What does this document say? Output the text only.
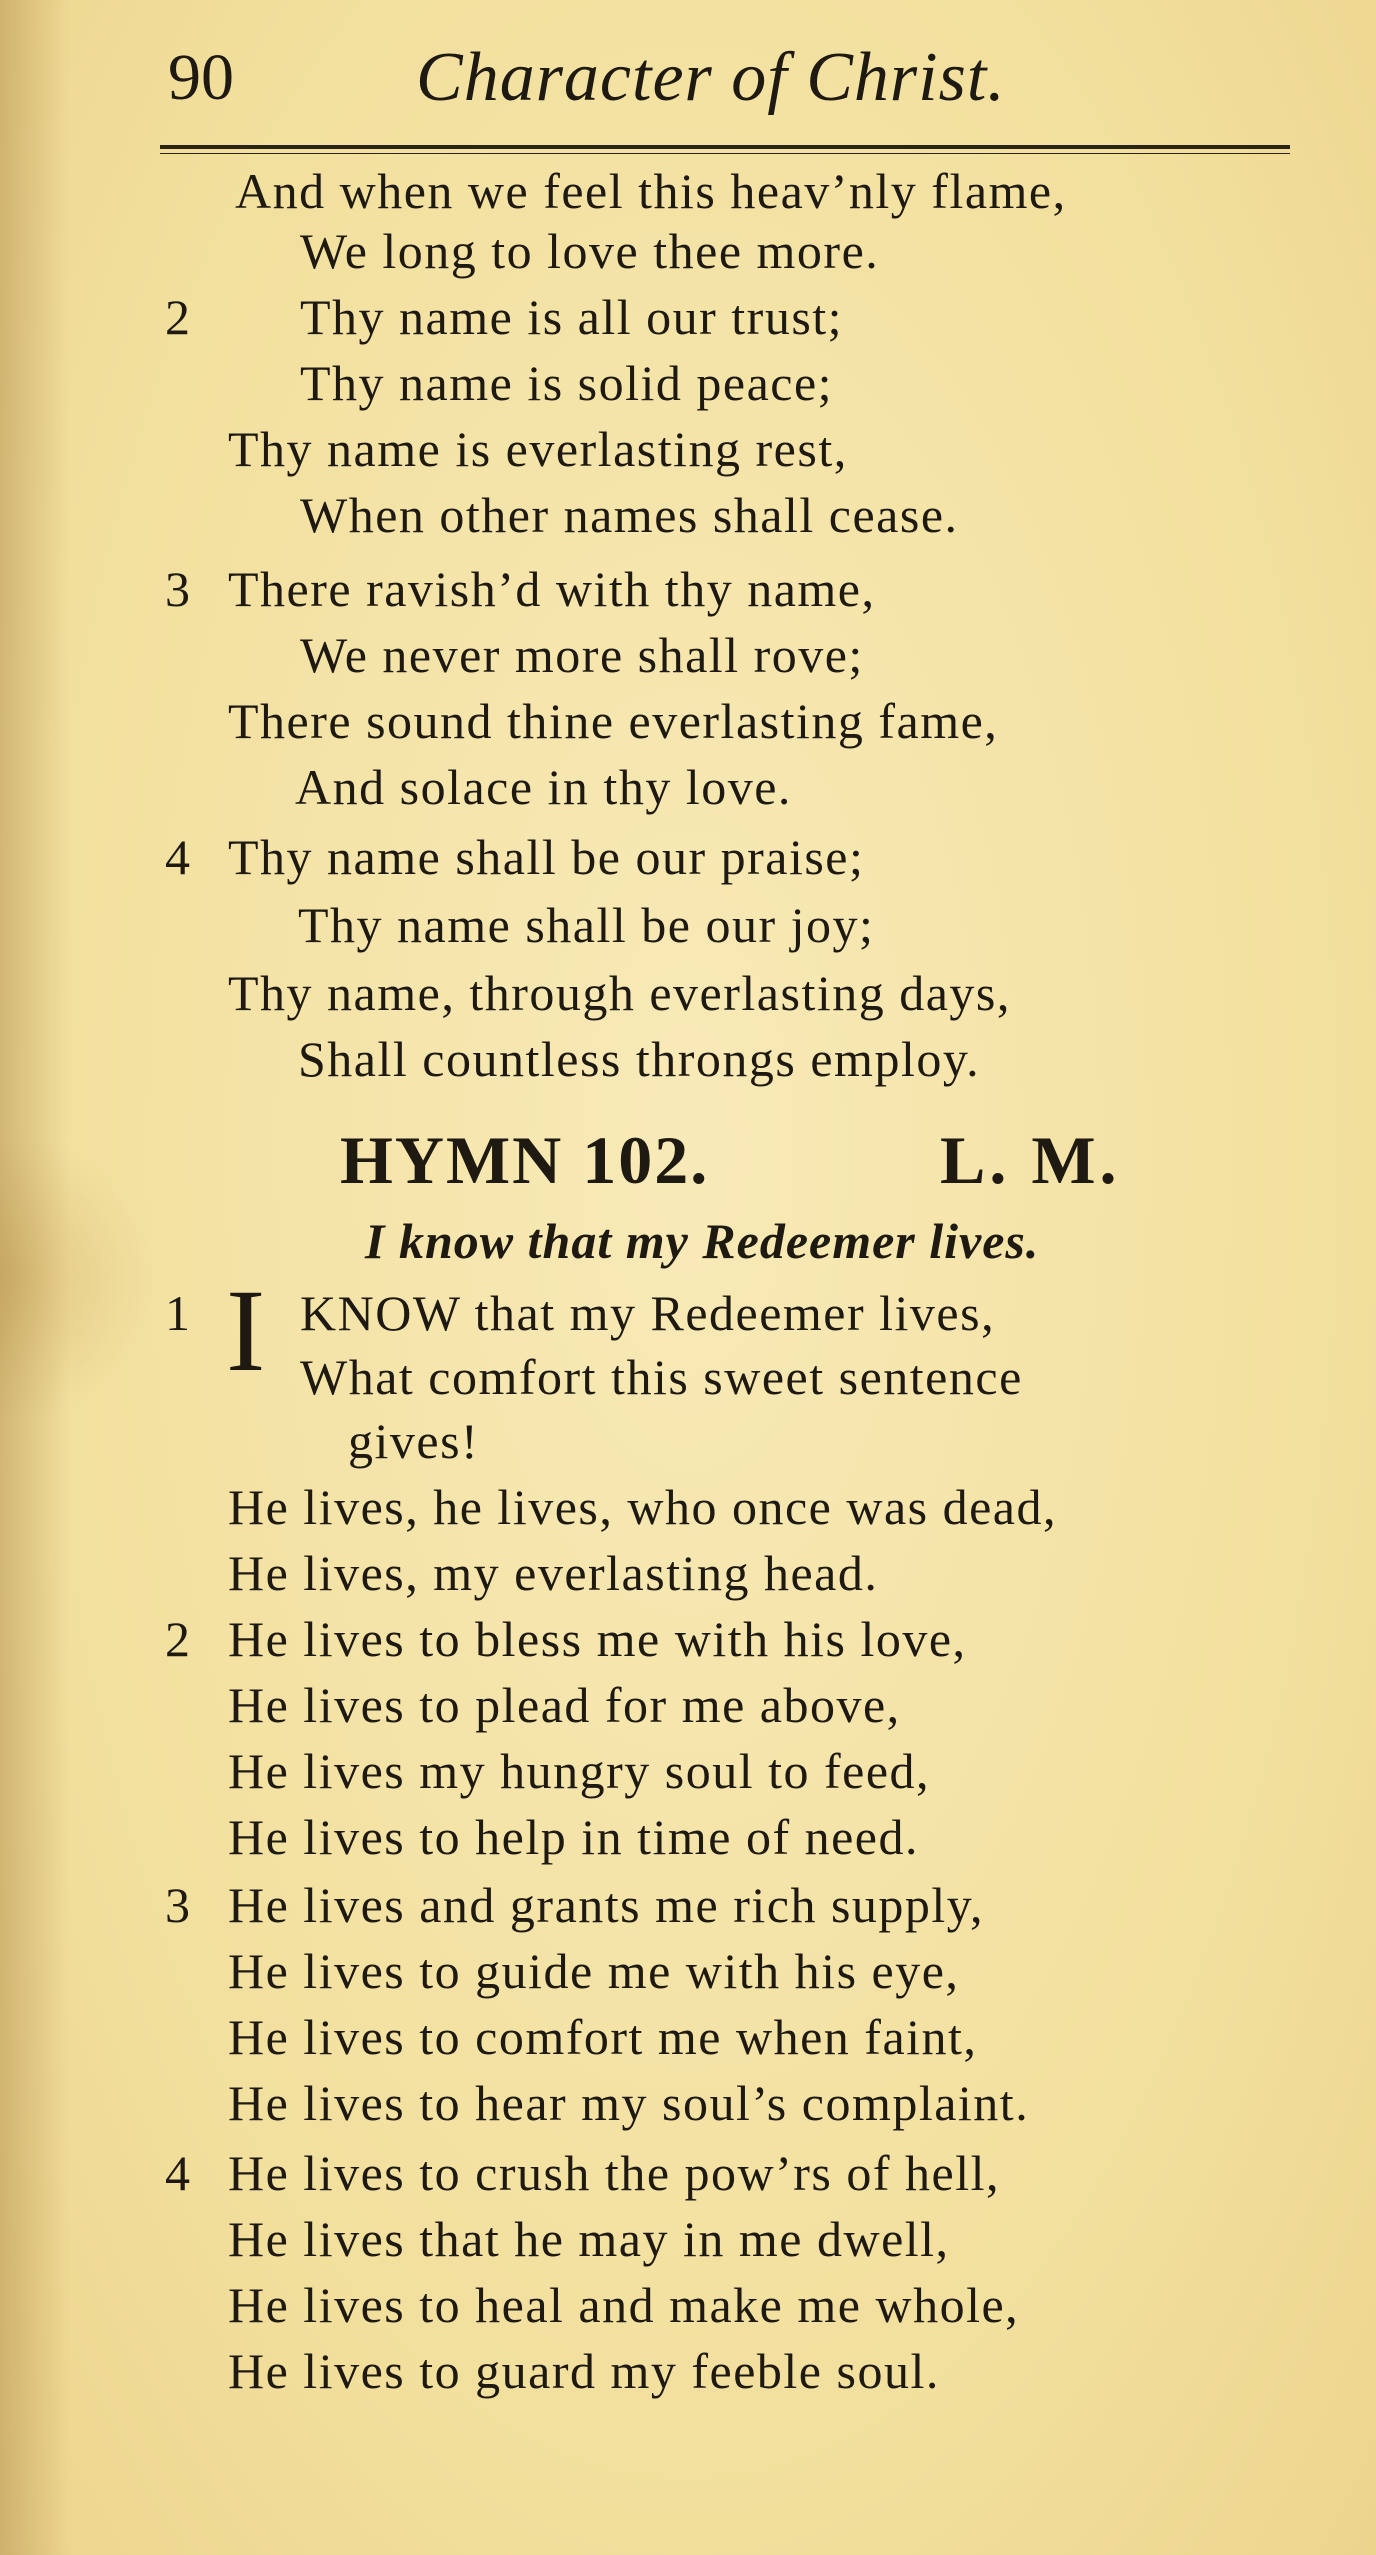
90	Character of Christ.
And when we feel this heav’nly flame,
We long to love thee more.
2 Thy name is all our trust;
Thy name is solid peace;
Thy name is everlasting rest,
When other names shall cease.
3 There ravish’d with thy name,
We never more shall rove;
There sound thine everlasting fame,
And solace in thy love.
4 Thy name shall be our praise;
Thy name shall be our joy;
Thy name, through everlasting days,
Shall countless throngs employ.
HYMN 102.	L. M.
I know that my Redeemer lives.
1 I KNOW that my Redeemer lives,
What comfort this sweet sentence
gives!
He lives, he lives, who once was dead,
He lives, my everlasting head.
2 He lives to bless me with his love,
He lives to plead for me above,
He lives my hungry soul to feed,
He lives to help in time of need.
3 He lives and grants me rich supply,
He lives to guide me with his eye,
He lives to comfort me when faint,
He lives to hear my soul’s complaint.
4 He lives to crush the pow’rs of hell,
He lives that he may in me dwell,
He lives to heal and make me whole,
He lives to guard my feeble soul.
